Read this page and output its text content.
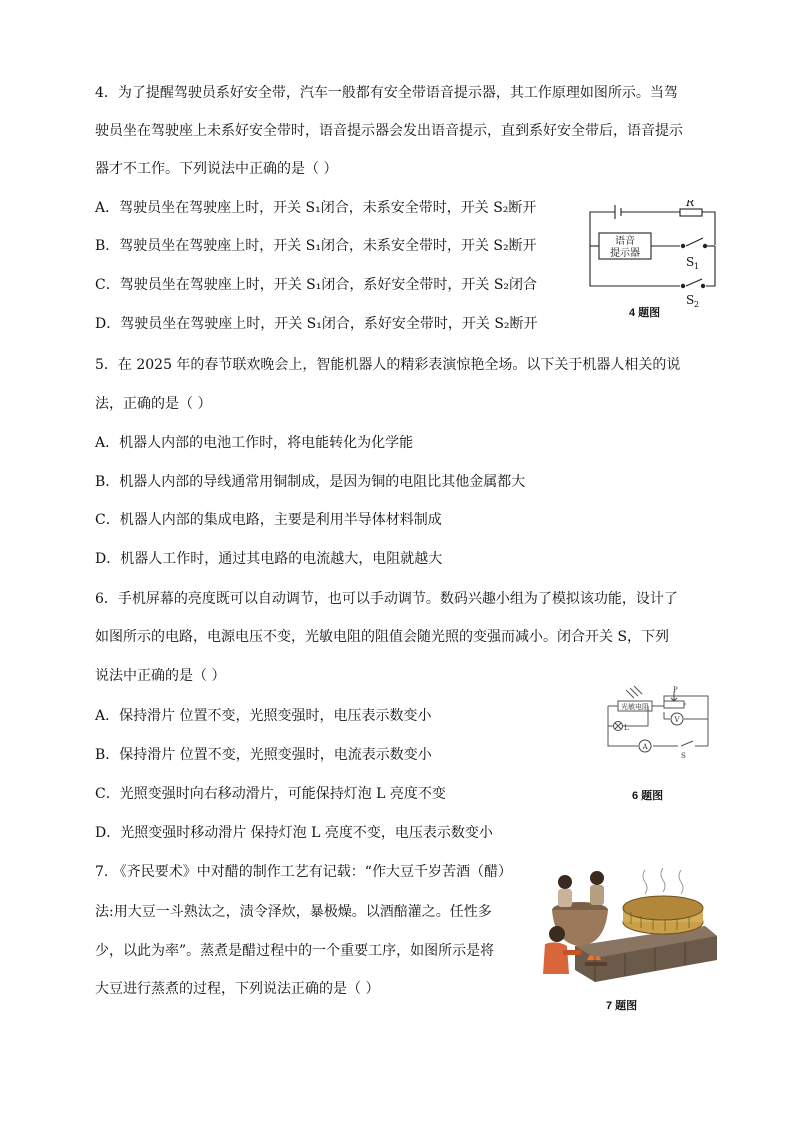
4．为了提醒驾驶员系好安全带，汽车一般都有安全带语音提示器，其工作原理如图所示。当驾
驶员坐在驾驶座上未系好安全带时，语音提示器会发出语音提示，直到系好安全带后，语音提示
器才不工作。下列说法中正确的是（ ）
A．驾驶员坐在驾驶座上时，开关 S₁闭合，未系安全带时，开关 S₂断开
B．驾驶员坐在驾驶座上时，开关 S₁闭合，未系安全带时，开关 S₂断开
C．驾驶员坐在驾驶座上时，开关 S₁闭合，系好安全带时，开关 S₂闭合
D．驾驶员坐在驾驶座上时，开关 S₁闭合，系好安全带时，开关 S₂断开
R
语音
提示器
S 1
S 2
4 题图
5．在 2025 年的春节联欢晚会上，智能机器人的精彩表演惊艳全场。以下关于机器人相关的说
法，正确的是（ ）
A．机器人内部的电池工作时，将电能转化为化学能
B．机器人内部的导线通常用铜制成，是因为铜的电阻比其他金属都大
C．机器人内部的集成电路，主要是利用半导体材料制成
D．机器人工作时，通过其电路的电流越大，电阻就越大
6．手机屏幕的亮度既可以自动调节，也可以手动调节。数码兴趣小组为了模拟该功能，设计了
如图所示的电路，电源电压不变，光敏电阻的阻值会随光照的变强而减小。闭合开关 S，下列
说法中正确的是（ ）
A．保持滑片 位置不变，光照变强时，电压表示数变小
B．保持滑片 位置不变，光照变强时，电流表示数变小
C．光照变强时向右移动滑片，可能保持灯泡 L 亮度不变
D．光照变强时移动滑片 保持灯泡 L 亮度不变，电压表示数变小
光敏电阻
P
V
A
L
S
6 题图
7. 《齐民要术》中对醋的制作工艺有记载：“作大豆千岁苦酒（醋）
法:用大豆一斗熟汰之，渍令泽炊，暴极燥。以酒醅灌之。任性多
少，以此为率”。蒸煮是醋过程中的一个重要工序，如图所示是将
大豆进行蒸煮的过程，下列说法正确的是（ ）
7 题图
